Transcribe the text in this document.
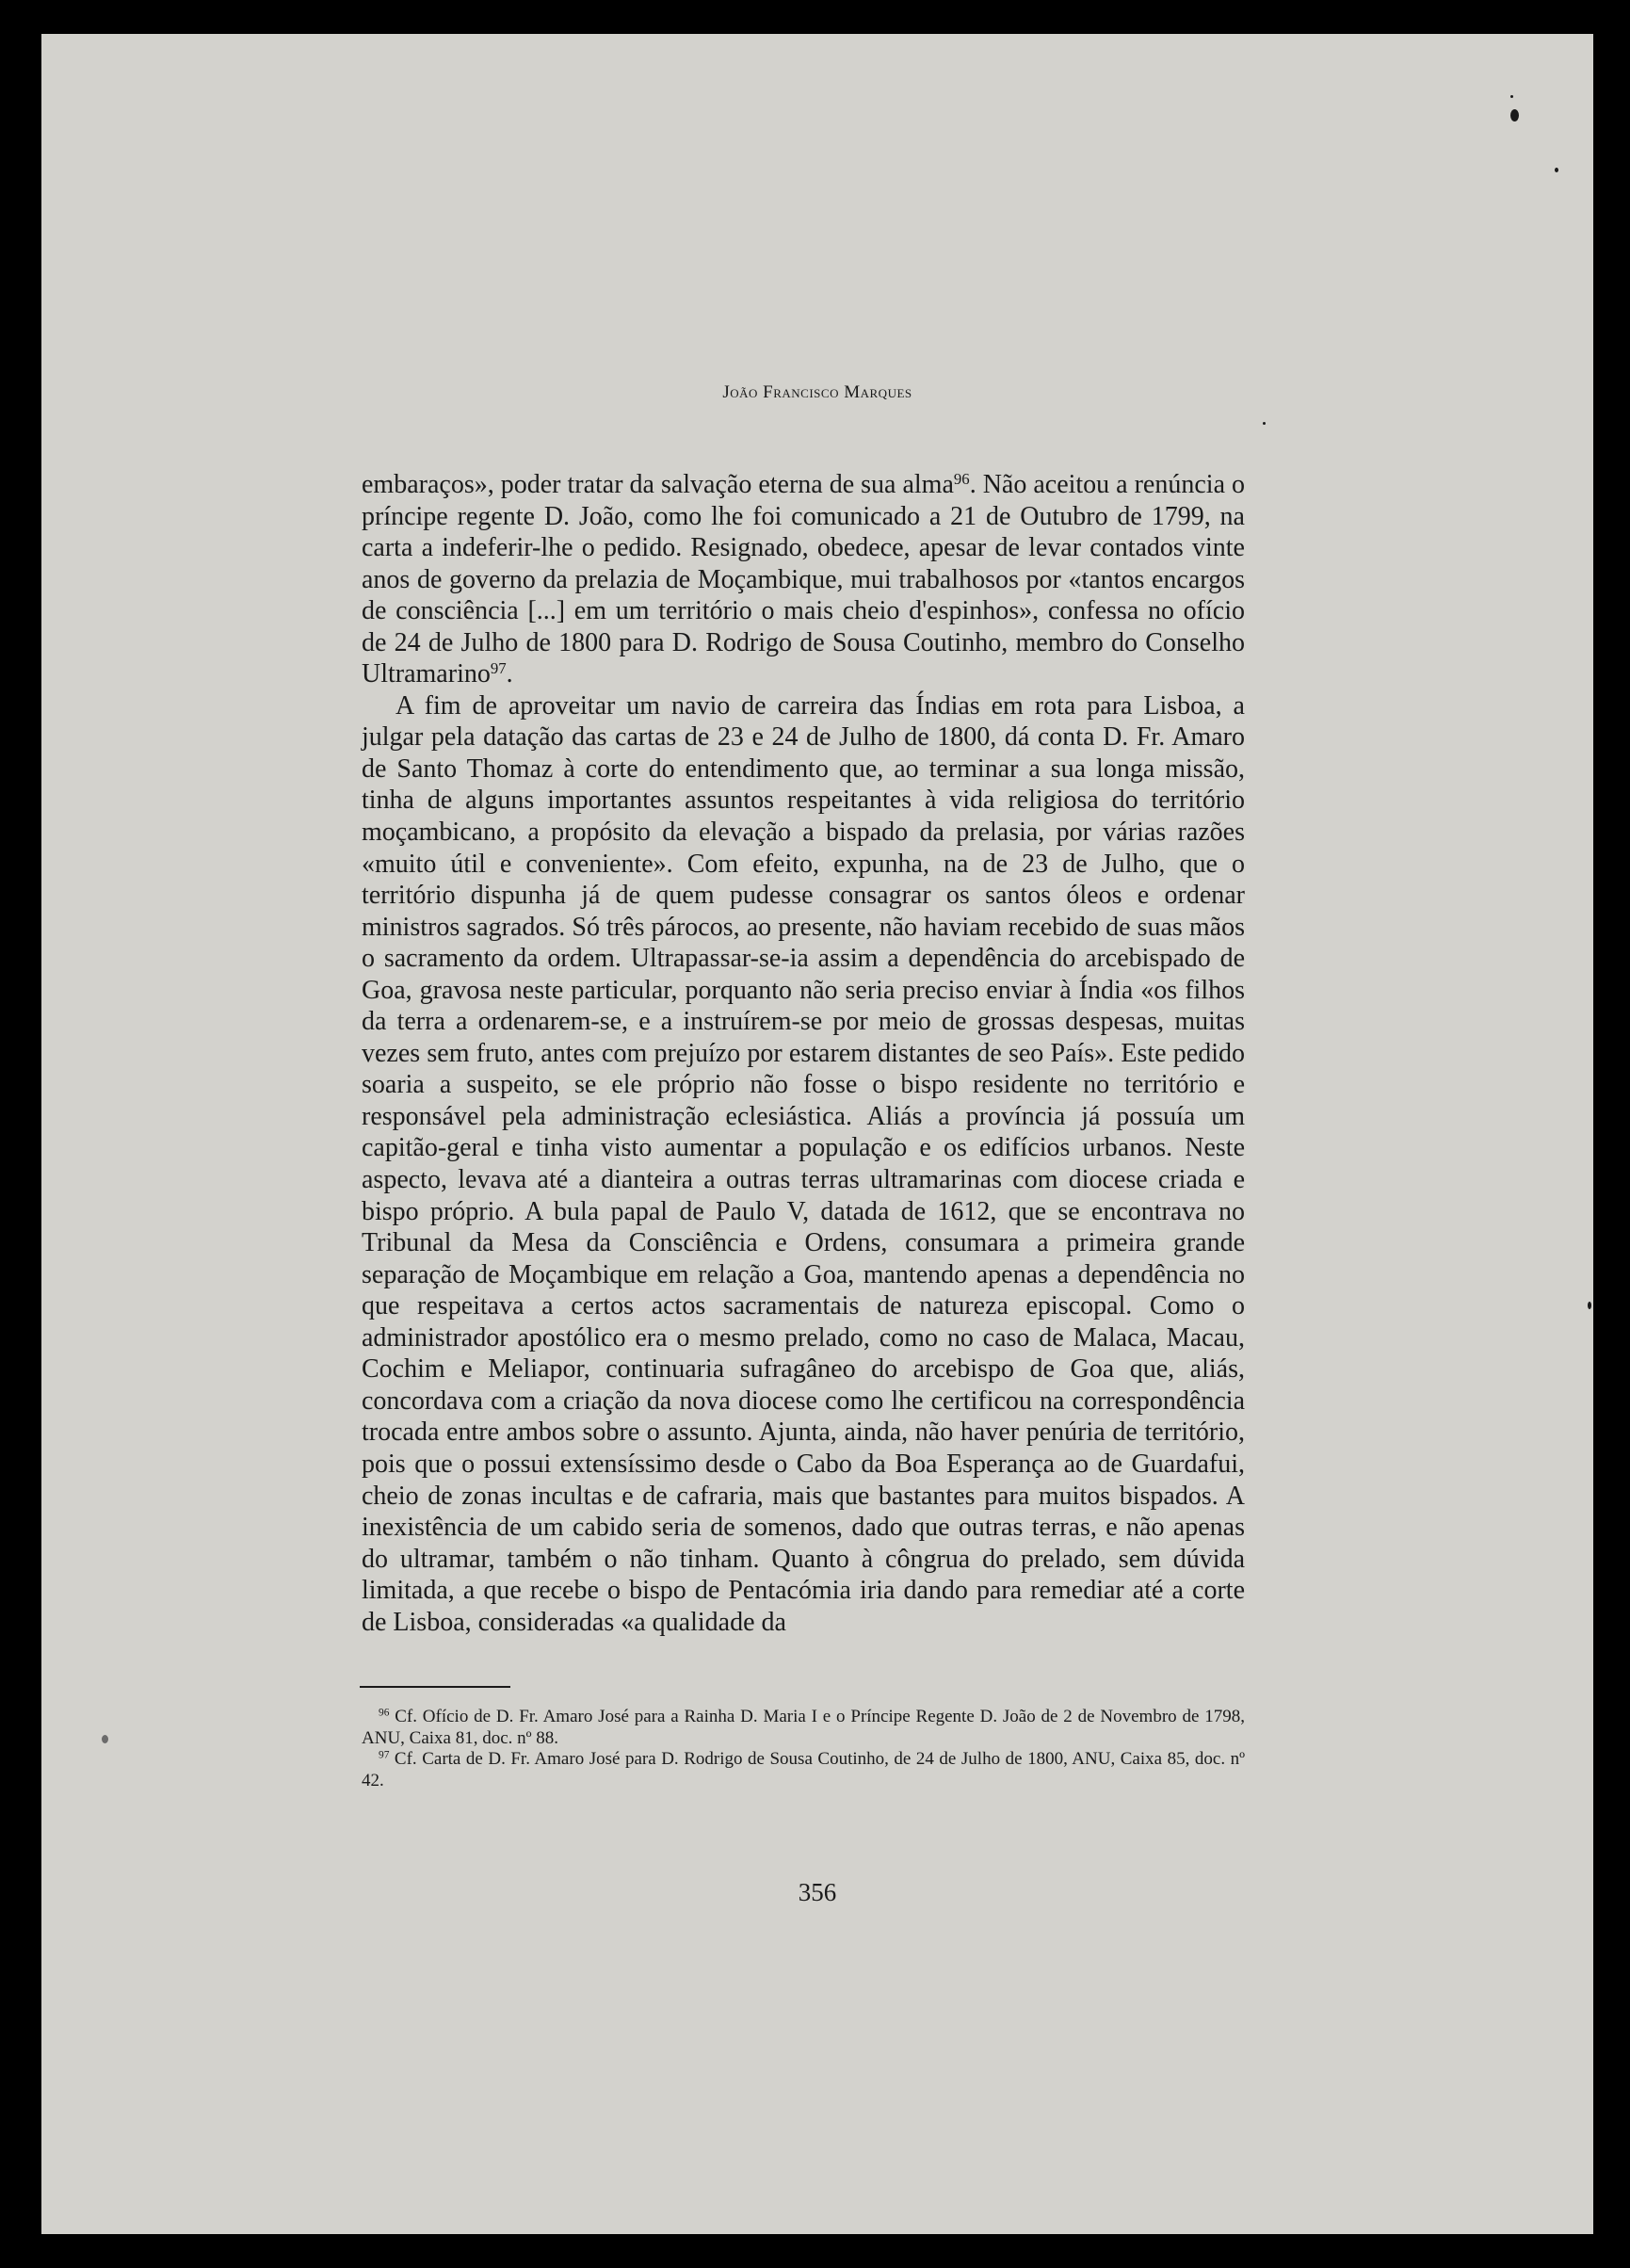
João Francisco Marques

embaraços», poder tratar da salvação eterna de sua alma$^{96}$. Não aceitou a renúncia o príncipe regente D. João, como lhe foi comunicado a 21 de Outubro de 1799, na carta a indeferir-lhe o pedido. Resignado, obedece, apesar de levar contados vinte anos de governo da prelazia de Moçambique, mui trabalhosos por «tantos encargos de consciência [...] em um território o mais cheio d'espinhos», confessa no ofício de 24 de Julho de 1800 para D. Rodrigo de Sousa Coutinho, membro do Conselho Ultramarino$^{97}$.

A fim de aproveitar um navio de carreira das Índias em rota para Lisboa, a julgar pela datação das cartas de 23 e 24 de Julho de 1800, dá conta D. Fr. Amaro de Santo Thomaz à corte do entendimento que, ao terminar a sua longa missão, tinha de alguns importantes assuntos respeitantes à vida religiosa do território moçambicano, a propósito da elevação a bispado da prelasia, por várias razões «muito útil e conveniente». Com efeito, expunha, na de 23 de Julho, que o território dispunha já de quem pudesse consagrar os santos óleos e ordenar ministros sagrados. Só três párocos, ao presente, não haviam recebido de suas mãos o sacramento da ordem. Ultrapassar-se-ia assim a dependência do arcebispado de Goa, gravosa neste particular, porquanto não seria preciso enviar à Índia «os filhos da terra a ordenarem-se, e a instruírem-se por meio de grossas despesas, muitas vezes sem fruto, antes com prejuízo por estarem distantes de seo País». Este pedido soaria a suspeito, se ele próprio não fosse o bispo residente no território e responsável pela administração eclesiástica. Aliás a província já possuía um capitão-geral e tinha visto aumentar a população e os edifícios urbanos. Neste aspecto, levava até a dianteira a outras terras ultramarinas com diocese criada e bispo próprio. A bula papal de Paulo V, datada de 1612, que se encontrava no Tribunal da Mesa da Consciência e Ordens, consumara a primeira grande separação de Moçambique em relação a Goa, mantendo apenas a dependência no que respeitava a certos actos sacramentais de natureza episcopal. Como o administrador apostólico era o mesmo prelado, como no caso de Malaca, Macau, Cochim e Meliapor, continuaria sufragâneo do arcebispo de Goa que, aliás, concordava com a criação da nova diocese como lhe certificou na correspondência trocada entre ambos sobre o assunto. Ajunta, ainda, não haver penúria de território, pois que o possui extensíssimo desde o Cabo da Boa Esperança ao de Guardafui, cheio de zonas incultas e de cafraria, mais que bastantes para muitos bispados. A inexistência de um cabido seria de somenos, dado que outras terras, e não apenas do ultramar, também o não tinham. Quanto à côngrua do prelado, sem dúvida limitada, a que recebe o bispo de Pentacómia iria dando para remediar até a corte de Lisboa, consideradas «a qualidade da

$^{96}$ Cf. Ofício de D. Fr. Amaro José para a Rainha D. Maria I e o Príncipe Regente D. João de 2 de Novembro de 1798, ANU, Caixa 81, doc. nº 88.

$^{97}$ Cf. Carta de D. Fr. Amaro José para D. Rodrigo de Sousa Coutinho, de 24 de Julho de 1800, ANU, Caixa 85, doc. nº 42.

356
